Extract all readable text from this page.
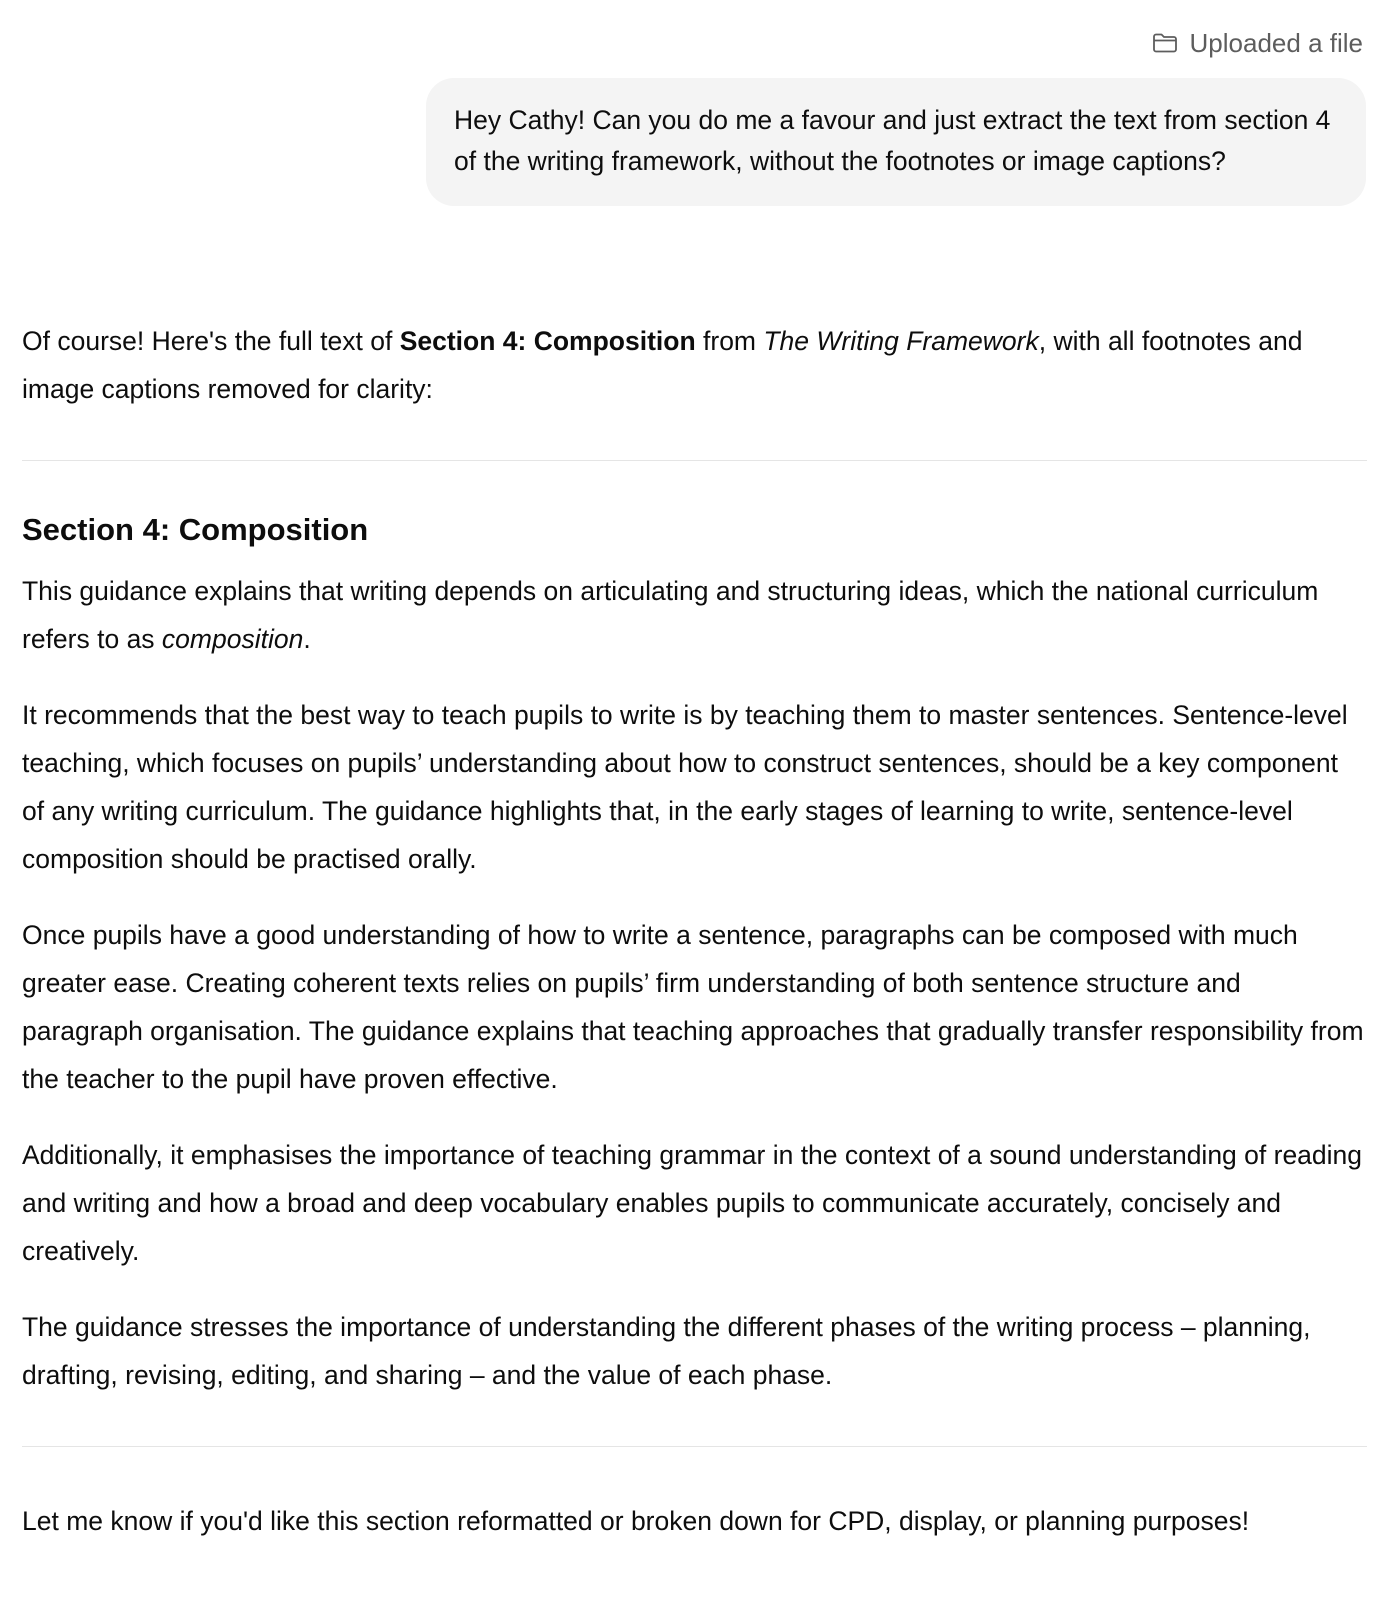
Uploaded a file
Hey Cathy! Can you do me a favour and just extract the text from section 4 of the writing framework, without the footnotes or image captions?

Of course! Here's the full text of Section 4: Composition from The Writing Framework, with all footnotes and image captions removed for clarity:

Section 4: Composition

This guidance explains that writing depends on articulating and structuring ideas, which the national curriculum refers to as composition.

It recommends that the best way to teach pupils to write is by teaching them to master sentences. Sentence-level teaching, which focuses on pupils’ understanding about how to construct sentences, should be a key component of any writing curriculum. The guidance highlights that, in the early stages of learning to write, sentence-level composition should be practised orally.

Once pupils have a good understanding of how to write a sentence, paragraphs can be composed with much greater ease. Creating coherent texts relies on pupils’ firm understanding of both sentence structure and paragraph organisation. The guidance explains that teaching approaches that gradually transfer responsibility from the teacher to the pupil have proven effective.

Additionally, it emphasises the importance of teaching grammar in the context of a sound understanding of reading and writing and how a broad and deep vocabulary enables pupils to communicate accurately, concisely and creatively.

The guidance stresses the importance of understanding the different phases of the writing process – planning, drafting, revising, editing, and sharing – and the value of each phase.

Let me know if you'd like this section reformatted or broken down for CPD, display, or planning purposes!
